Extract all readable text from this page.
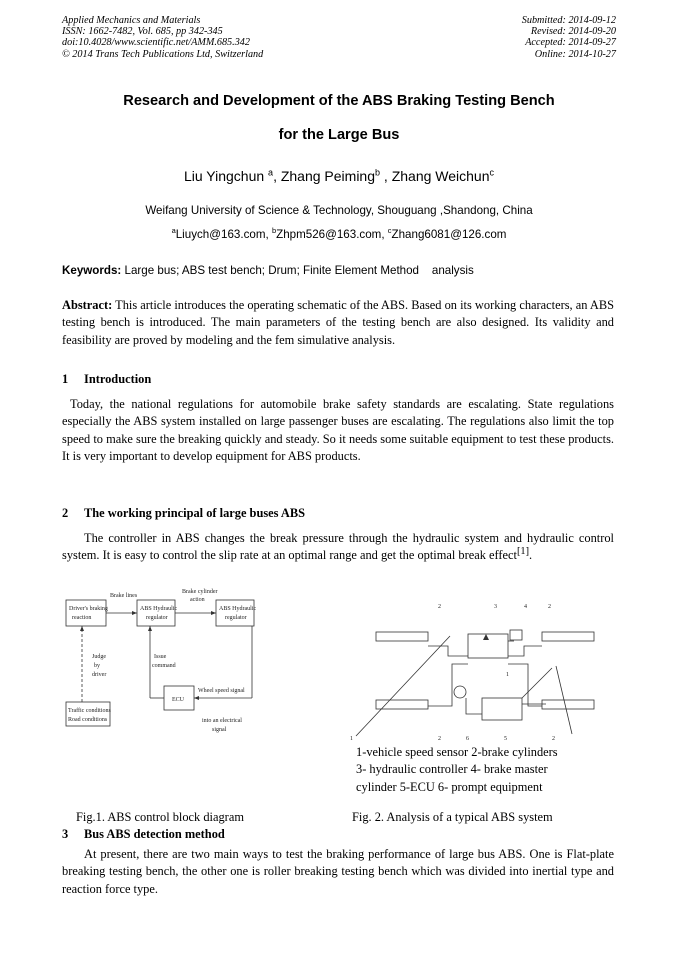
Applied Mechanics and Materials
ISSN: 1662-7482, Vol. 685, pp 342-345
doi:10.4028/www.scientific.net/AMM.685.342
© 2014 Trans Tech Publications Ltd, Switzerland
Submitted: 2014-09-12
Revised: 2014-09-20
Accepted: 2014-09-27
Online: 2014-10-27
Research and Development of the ABS Braking Testing Bench
for the Large Bus
Liu Yingchun $^a$, Zhang Peiming$^b$ , Zhang Weichun$^c$
Weifang University of Science & Technology, Shouguang ,Shandong, China
$^a$Liuych@163.com, $^b$Zhpm526@163.com, $^c$Zhang6081@126.com
Keywords: Large bus; ABS test bench; Drum; Finite Element Method    analysis
Abstract: This article introduces the operating schematic of the ABS. Based on its working characters, an ABS testing bench is introduced. The main parameters of the testing bench are also designed. Its validity and feasibility are proved by modeling and the fem simulative analysis.
1 Introduction
Today, the national regulations for automobile brake safety standards are escalating. State regulations especially the ABS system installed on large passenger buses are escalating. The regulations also limit the top speed to make sure the breaking quickly and steady. So it needs some suitable equipment to test these products. It is very important to develop equipment for ABS products.
2 The working principal of large buses ABS
The controller in ABS changes the break pressure through the hydraulic system and hydraulic control system. It is easy to control the slip rate at an optimal range and get the optimal break effect[1].
Driver's braking
reaction
Brake lines
ABS Hydraulic
regulator
Brake cylinder
action
ABS Hydraulic
regulator
Judge
by
driver
Issue
command
Wheel speed signal
ECU
Traffic conditions
Road conditions	into an electrical
signal
2	3	4	2
1
1	2	6	5	2
1-vehicle speed sensor 2-brake cylinders
3- hydraulic controller 4- brake master
cylinder 5-ECU 6- prompt equipment
Fig.1. ABS control block diagram	Fig. 2. Analysis of a typical ABS system
3 Bus ABS detection method
At present, there are two main ways to test the braking performance of large bus ABS. One is Flat-plate breaking testing bench, the other one is roller breaking testing bench which was divided into inertial type and reaction force type.
